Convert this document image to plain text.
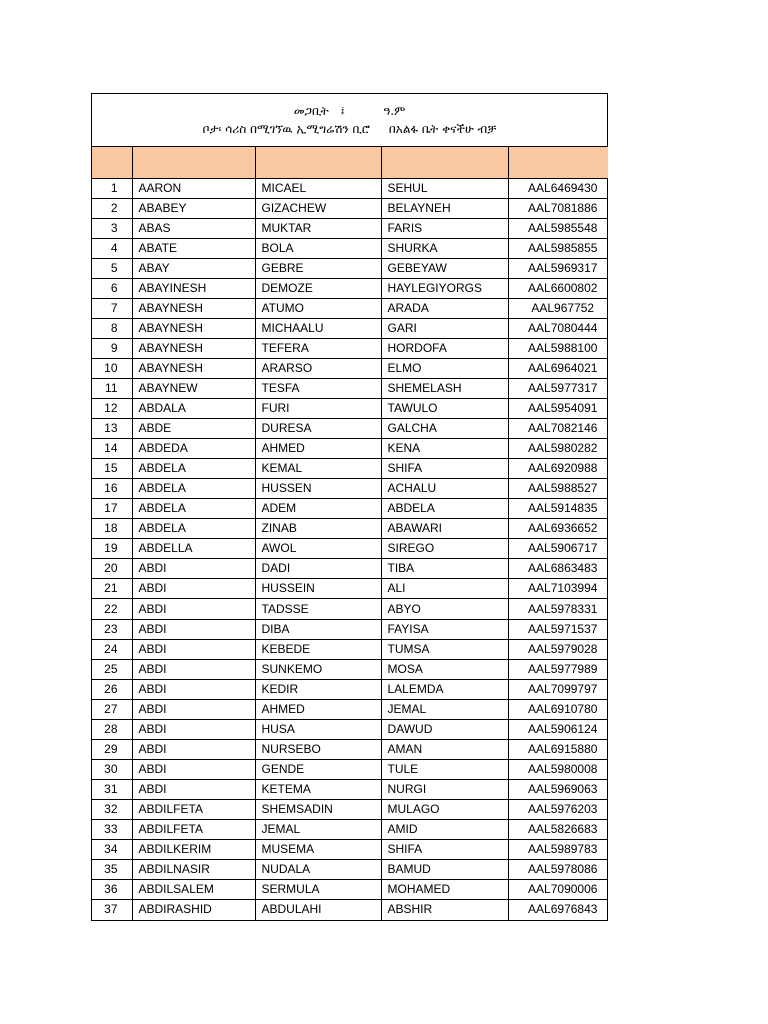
መጋቢት   ፤          ዓ.ም
ቦታ፡ ሳሪስ በሚገኘዉ ኢሚግሬሽን ቢሮ     በአልፋ ቤት ቀናችሁ ብቻ

1	AARON	MICAEL	SEHUL	AAL6469430
2	ABABEY	GIZACHEW	BELAYNEH	AAL7081886
3	ABAS	MUKTAR	FARIS	AAL5985548
4	ABATE	BOLA	SHURKA	AAL5985855
5	ABAY	GEBRE	GEBEYAW	AAL5969317
6	ABAYINESH	DEMOZE	HAYLEGIYORGS	AAL6600802
7	ABAYNESH	ATUMO	ARADA	AAL967752
8	ABAYNESH	MICHAALU	GARI	AAL7080444
9	ABAYNESH	TEFERA	HORDOFA	AAL5988100
10	ABAYNESH	ARARSO	ELMO	AAL6964021
11	ABAYNEW	TESFA	SHEMELASH	AAL5977317
12	ABDALA	FURI	TAWULO	AAL5954091
13	ABDE	DURESA	GALCHA	AAL7082146
14	ABDEDA	AHMED	KENA	AAL5980282
15	ABDELA	KEMAL	SHIFA	AAL6920988
16	ABDELA	HUSSEN	ACHALU	AAL5988527
17	ABDELA	ADEM	ABDELA	AAL5914835
18	ABDELA	ZINAB	ABAWARI	AAL6936652
19	ABDELLA	AWOL	SIREGO	AAL5906717
20	ABDI	DADI	TIBA	AAL6863483
21	ABDI	HUSSEIN	ALI	AAL7103994
22	ABDI	TADSSE	ABYO	AAL5978331
23	ABDI	DIBA	FAYISA	AAL5971537
24	ABDI	KEBEDE	TUMSA	AAL5979028
25	ABDI	SUNKEMO	MOSA	AAL5977989
26	ABDI	KEDIR	LALEMDA	AAL7099797
27	ABDI	AHMED	JEMAL	AAL6910780
28	ABDI	HUSA	DAWUD	AAL5906124
29	ABDI	NURSEBO	AMAN	AAL6915880
30	ABDI	GENDE	TULE	AAL5980008
31	ABDI	KETEMA	NURGI	AAL5969063
32	ABDILFETA	SHEMSADIN	MULAGO	AAL5976203
33	ABDILFETA	JEMAL	AMID	AAL5826683
34	ABDILKERIM	MUSEMA	SHIFA	AAL5989783
35	ABDILNASIR	NUDALA	BAMUD	AAL5978086
36	ABDILSALEM	SERMULA	MOHAMED	AAL7090006
37	ABDIRASHID	ABDULAHI	ABSHIR	AAL6976843
